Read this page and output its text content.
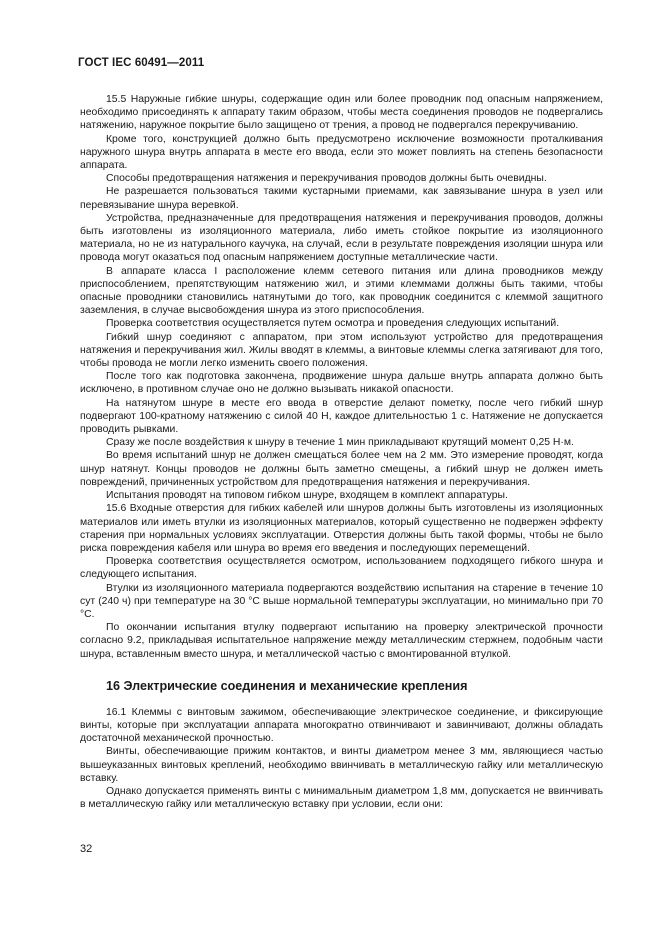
ГОСТ IEC 60491—2011

15.5 Наружные гибкие шнуры, содержащие один или более проводник под опасным напряжением, необходимо присоединять к аппарату таким образом, чтобы места соединения проводов не подвергались натяжению, наружное покрытие было защищено от трения, а провод не подвергался перекручиванию.

Кроме того, конструкцией должно быть предусмотрено исключение возможности проталкивания наружного шнура внутрь аппарата в месте его ввода, если это может повлиять на степень безопасности аппарата.

Способы предотвращения натяжения и перекручивания проводов должны быть очевидны.

Не разрешается пользоваться такими кустарными приемами, как завязывание шнура в узел или перевязывание шнура веревкой.

Устройства, предназначенные для предотвращения натяжения и перекручивания проводов, должны быть изготовлены из изоляционного материала, либо иметь стойкое покрытие из изоляционного материала, но не из натурального каучука, на случай, если в результате повреждения изоляции шнура или провода могут оказаться под опасным напряжением доступные металлические части.

В аппарате класса I расположение клемм сетевого питания или длина проводников между приспособлением, препятствующим натяжению жил, и этими клеммами должны быть такими, чтобы опасные проводники становились натянутыми до того, как проводник соединится с клеммой защитного заземления, в случае высвобождения шнура из этого приспособления.

Проверка соответствия осуществляется путем осмотра и проведения следующих испытаний.

Гибкий шнур соединяют с аппаратом, при этом используют устройство для предотвращения натяжения и перекручивания жил. Жилы вводят в клеммы, а винтовые клеммы слегка затягивают для того, чтобы провода не могли легко изменить своего положения.

После того как подготовка закончена, продвижение шнура дальше внутрь аппарата должно быть исключено, в противном случае оно не должно вызывать никакой опасности.

На натянутом шнуре в месте его ввода в отверстие делают пометку, после чего гибкий шнур подвергают 100-кратному натяжению с силой 40 Н, каждое длительностью 1 с. Натяжение не допускается проводить рывками.

Сразу же после воздействия к шнуру в течение 1 мин прикладывают крутящий момент 0,25 Н·м.

Во время испытаний шнур не должен смещаться более чем на 2 мм. Это измерение проводят, когда шнур натянут. Концы проводов не должны быть заметно смещены, а гибкий шнур не должен иметь повреждений, причиненных устройством для предотвращения натяжения и перекручивания.

Испытания проводят на типовом гибком шнуре, входящем в комплект аппаратуры.

15.6 Входные отверстия для гибких кабелей или шнуров должны быть изготовлены из изоляционных материалов или иметь втулки из изоляционных материалов, который существенно не подвержен эффекту старения при нормальных условиях эксплуатации. Отверстия должны быть такой формы, чтобы не было риска повреждения кабеля или шнура во время его введения и последующих перемещений.

Проверка соответствия осуществляется осмотром, использованием подходящего гибкого шнура и следующего испытания.

Втулки из изоляционного материала подвергаются воздействию испытания на старение в течение 10 сут (240 ч) при температуре на 30 °С выше нормальной температуры эксплуатации, но минимально при 70 °С.

По окончании испытания втулку подвергают испытанию на проверку электрической прочности согласно 9.2, прикладывая испытательное напряжение между металлическим стержнем, подобным части шнура, вставленным вместо шнура, и металлической частью с вмонтированной втулкой.

16 Электрические соединения и механические крепления

16.1 Клеммы с винтовым зажимом, обеспечивающие электрическое соединение, и фиксирующие винты, которые при эксплуатации аппарата многократно отвинчивают и завинчивают, должны обладать достаточной механической прочностью.

Винты, обеспечивающие прижим контактов, и винты диаметром менее 3 мм, являющиеся частью вышеуказанных винтовых креплений, необходимо ввинчивать в металлическую гайку или металлическую вставку.

Однако допускается применять винты с минимальным диаметром 1,8 мм, допускается не ввинчивать в металлическую гайку или металлическую вставку при условии, если они:

32
